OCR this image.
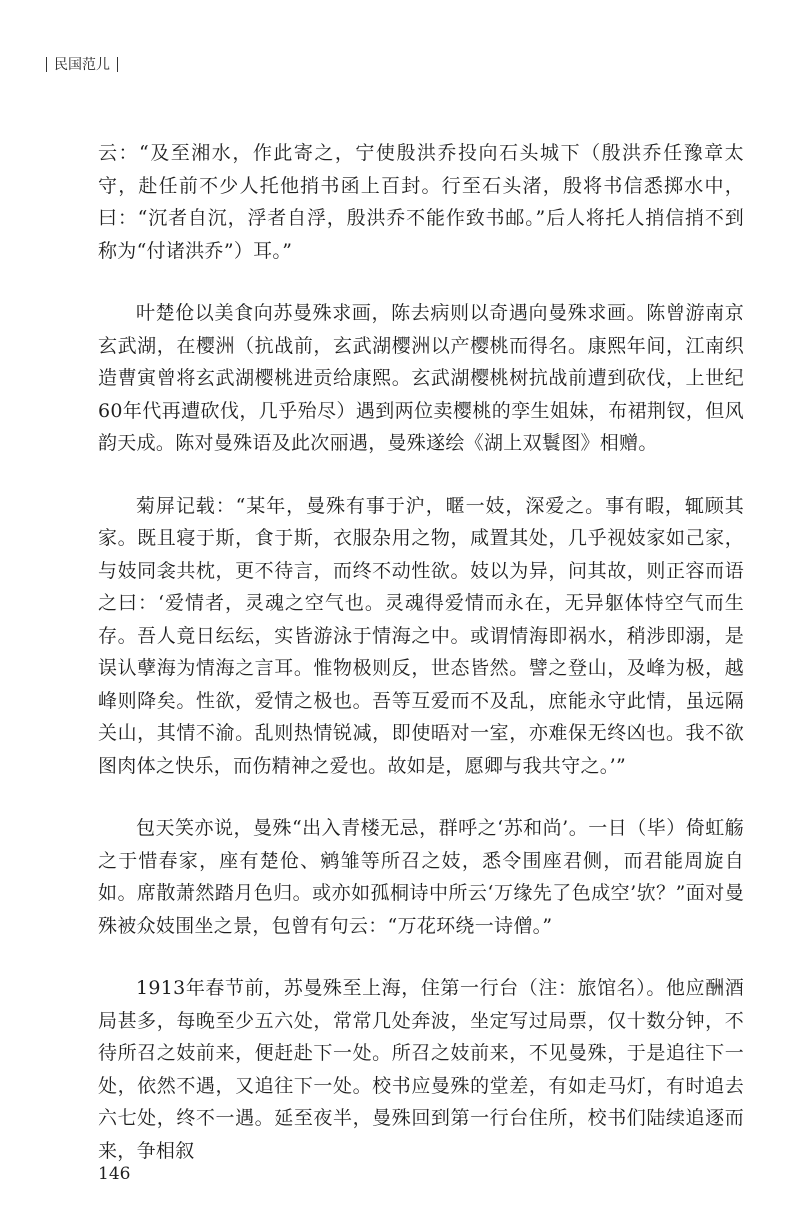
民国范儿

云：“及至湘水，作此寄之，宁使殷洪乔投向石头城下（殷洪乔任豫章太守，赴任前不少人托他捎书函上百封。行至石头渚，殷将书信悉掷水中，曰：“沉者自沉，浮者自浮，殷洪乔不能作致书邮。”后人将托人捎信捎不到称为“付诸洪乔”）耳。”

叶楚伧以美食向苏曼殊求画，陈去病则以奇遇向曼殊求画。陈曾游南京玄武湖，在樱洲（抗战前，玄武湖樱洲以产樱桃而得名。康熙年间，江南织造曹寅曾将玄武湖樱桃进贡给康熙。玄武湖樱桃树抗战前遭到砍伐，上世纪60年代再遭砍伐，几乎殆尽）遇到两位卖樱桃的孪生姐妹，布裙荆钗，但风韵天成。陈对曼殊语及此次丽遇，曼殊遂绘《湖上双鬟图》相赠。

菊屏记载：“某年，曼殊有事于沪，暱一妓，深爱之。事有暇，辄顾其家。既且寝于斯，食于斯，衣服杂用之物，咸置其处，几乎视妓家如己家，与妓同衾共枕，更不待言，而终不动性欲。妓以为异，问其故，则正容而语之曰：‘爱情者，灵魂之空气也。灵魂得爱情而永在，无异躯体恃空气而生存。吾人竟日纭纭，实皆游泳于情海之中。或谓情海即祸水，稍涉即溺，是误认孽海为情海之言耳。惟物极则反，世态皆然。譬之登山，及峰为极，越峰则降矣。性欲，爱情之极也。吾等互爱而不及乱，庶能永守此情，虽远隔关山，其情不渝。乱则热情锐减，即使晤对一室，亦难保无终凶也。我不欲图肉体之快乐，而伤精神之爱也。故如是，愿卿与我共守之。’”

包天笑亦说，曼殊“出入青楼无忌，群呼之‘苏和尚’。一日（毕）倚虹觞之于惜春家，座有楚伧、鹓雏等所召之妓，悉令围座君侧，而君能周旋自如。席散萧然踏月色归。或亦如孤桐诗中所云‘万缘先了色成空’欤？”面对曼殊被众妓围坐之景，包曾有句云：“万花环绕一诗僧。”

1913年春节前，苏曼殊至上海，住第一行台（注：旅馆名）。他应酬酒局甚多，每晚至少五六处，常常几处奔波，坐定写过局票，仅十数分钟，不待所召之妓前来，便赶赴下一处。所召之妓前来，不见曼殊，于是追往下一处，依然不遇，又追往下一处。校书应曼殊的堂差，有如走马灯，有时追去六七处，终不一遇。延至夜半，曼殊回到第一行台住所，校书们陆续追逐而来，争相叙

146
